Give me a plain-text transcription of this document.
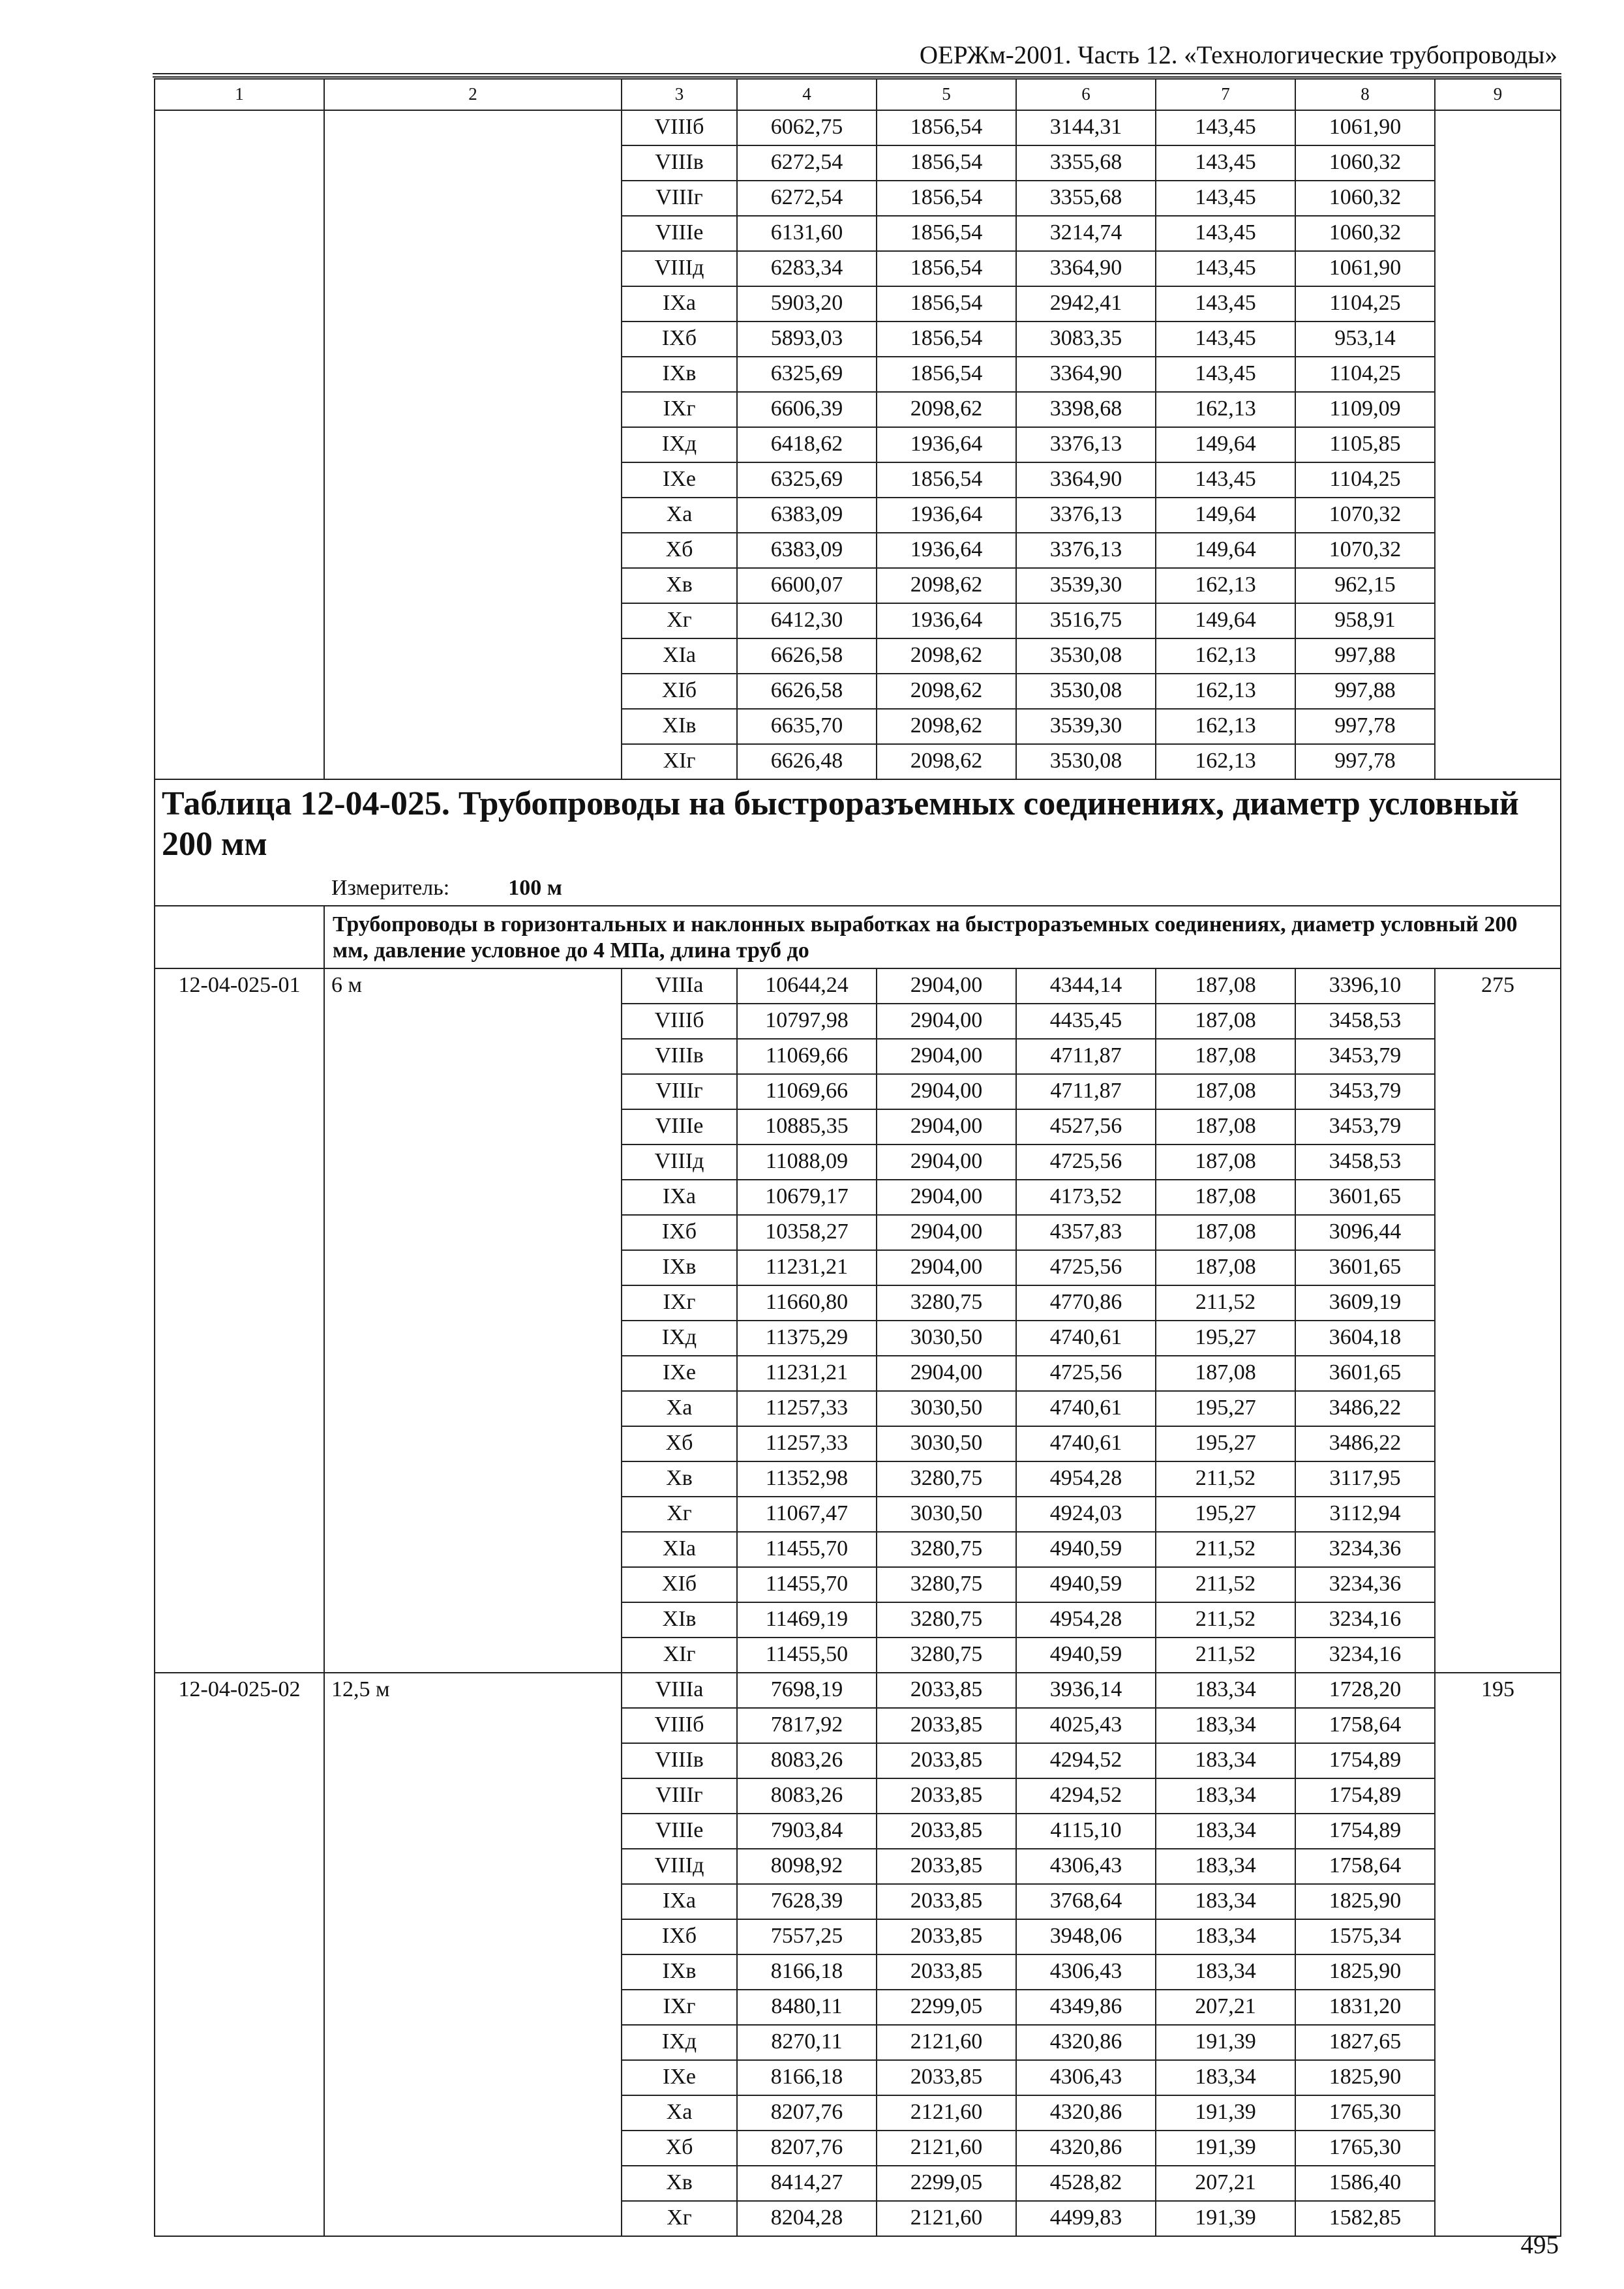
ОЕРЖм-2001. Часть 12. «Технологические трубопроводы»
1	2	3	4	5	6	7	8	9
		VIIIб	6062,75	1856,54	3144,31	143,45	1061,90	
		VIIIв	6272,54	1856,54	3355,68	143,45	1060,32	
		VIIIг	6272,54	1856,54	3355,68	143,45	1060,32	
		VIIIе	6131,60	1856,54	3214,74	143,45	1060,32	
		VIIIд	6283,34	1856,54	3364,90	143,45	1061,90	
		IXа	5903,20	1856,54	2942,41	143,45	1104,25	
		IXб	5893,03	1856,54	3083,35	143,45	953,14	
		IXв	6325,69	1856,54	3364,90	143,45	1104,25	
		IXг	6606,39	2098,62	3398,68	162,13	1109,09	
		IXд	6418,62	1936,64	3376,13	149,64	1105,85	
		IXе	6325,69	1856,54	3364,90	143,45	1104,25	
		Xа	6383,09	1936,64	3376,13	149,64	1070,32	
		Xб	6383,09	1936,64	3376,13	149,64	1070,32	
		Xв	6600,07	2098,62	3539,30	162,13	962,15	
		Xг	6412,30	1936,64	3516,75	149,64	958,91	
		XIа	6626,58	2098,62	3530,08	162,13	997,88	
		XIб	6626,58	2098,62	3530,08	162,13	997,88	
		XIв	6635,70	2098,62	3539,30	162,13	997,78	
		XIг	6626,48	2098,62	3530,08	162,13	997,78	

Таблица 12-04-025. Трубопроводы на быстроразъемных соединениях, диаметр условный 200 мм
Измеритель: 100 м								

	Трубопроводы в горизонтальных и наклонных выработках на быстроразъемных соединениях, диаметр условный 200 мм, давление условное до 4 МПа, длина труб до							
12-04-025-01	6 м	VIIIа	10644,24	2904,00	4344,14	187,08	3396,10	275
		VIIIб	10797,98	2904,00	4435,45	187,08	3458,53	
		VIIIв	11069,66	2904,00	4711,87	187,08	3453,79	
		VIIIг	11069,66	2904,00	4711,87	187,08	3453,79	
		VIIIе	10885,35	2904,00	4527,56	187,08	3453,79	
		VIIIд	11088,09	2904,00	4725,56	187,08	3458,53	
		IXа	10679,17	2904,00	4173,52	187,08	3601,65	
		IXб	10358,27	2904,00	4357,83	187,08	3096,44	
		IXв	11231,21	2904,00	4725,56	187,08	3601,65	
		IXг	11660,80	3280,75	4770,86	211,52	3609,19	
		IXд	11375,29	3030,50	4740,61	195,27	3604,18	
		IXе	11231,21	2904,00	4725,56	187,08	3601,65	
		Xа	11257,33	3030,50	4740,61	195,27	3486,22	
		Xб	11257,33	3030,50	4740,61	195,27	3486,22	
		Xв	11352,98	3280,75	4954,28	211,52	3117,95	
		Xг	11067,47	3030,50	4924,03	195,27	3112,94	
		XIа	11455,70	3280,75	4940,59	211,52	3234,36	
		XIб	11455,70	3280,75	4940,59	211,52	3234,36	
		XIв	11469,19	3280,75	4954,28	211,52	3234,16	
		XIг	11455,50	3280,75	4940,59	211,52	3234,16	
12-04-025-02	12,5 м	VIIIа	7698,19	2033,85	3936,14	183,34	1728,20	195
		VIIIб	7817,92	2033,85	4025,43	183,34	1758,64	
		VIIIв	8083,26	2033,85	4294,52	183,34	1754,89	
		VIIIг	8083,26	2033,85	4294,52	183,34	1754,89	
		VIIIе	7903,84	2033,85	4115,10	183,34	1754,89	
		VIIIд	8098,92	2033,85	4306,43	183,34	1758,64	
		IXа	7628,39	2033,85	3768,64	183,34	1825,90	
		IXб	7557,25	2033,85	3948,06	183,34	1575,34	
		IXв	8166,18	2033,85	4306,43	183,34	1825,90	
		IXг	8480,11	2299,05	4349,86	207,21	1831,20	
		IXд	8270,11	2121,60	4320,86	191,39	1827,65	
		IXе	8166,18	2033,85	4306,43	183,34	1825,90	
		Xа	8207,76	2121,60	4320,86	191,39	1765,30	
		Xб	8207,76	2121,60	4320,86	191,39	1765,30	
		Xв	8414,27	2299,05	4528,82	207,21	1586,40	
		Xг	8204,28	2121,60	4499,83	191,39	1582,85	
495
